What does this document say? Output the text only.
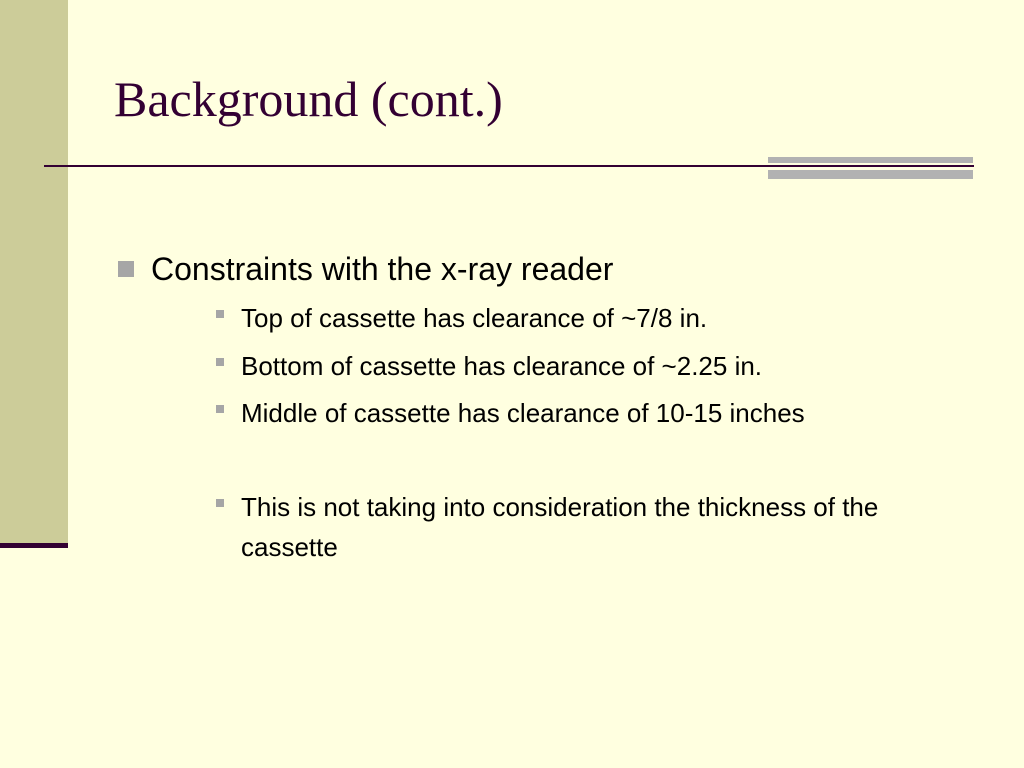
Background (cont.)
Constraints with the x-ray reader
Top of cassette has clearance of ~7/8 in.
Bottom of cassette has clearance of ~2.25 in.
Middle of cassette has clearance of 10-15 inches
This is not taking into consideration the thickness of the cassette
